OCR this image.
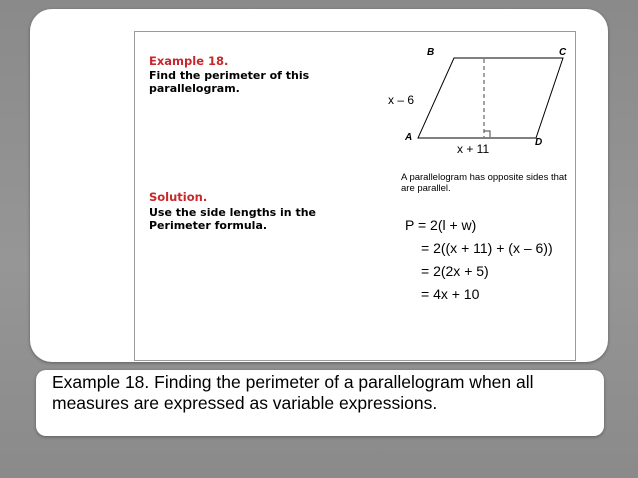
Example 18.
Find the perimeter of this parallelogram.
B	C
A	D
x – 6
x + 11
A parallelogram has opposite sides that are parallel.
Solution.
Use the side lengths in the Perimeter formula.	P = 2(l + w)
= 2((x + 11) + (x – 6))
= 2(2x + 5)
= 4x + 10
Example 18. Finding the perimeter of a parallelogram when all measures are expressed as variable expressions.
